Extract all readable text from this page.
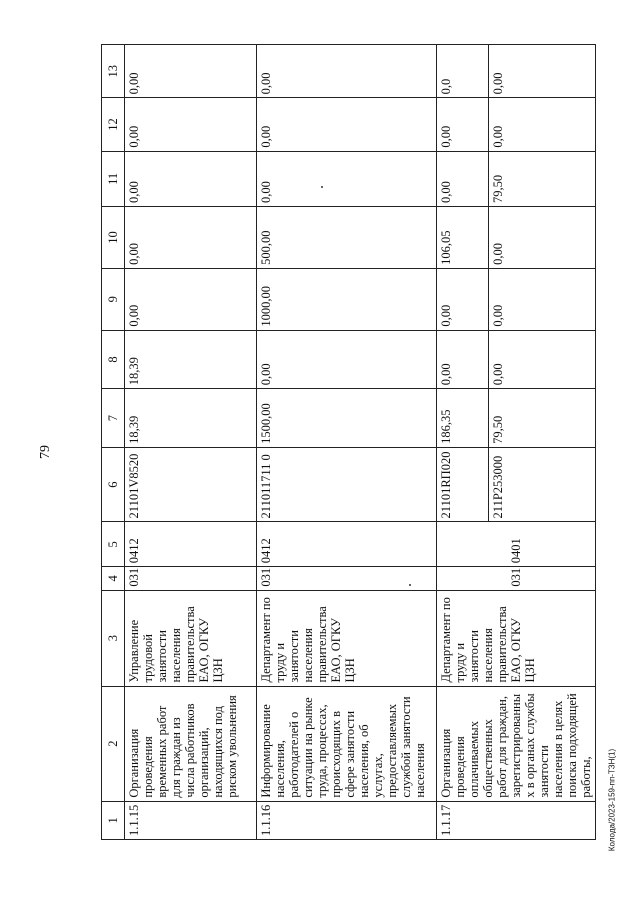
79
Колода/2023-159-пп-ТЗН(1)
1	2	3	4	5	6	7	8	9	10	11	12	13
1.1.15	Организация проведения временных работ для граждан из числа работников организаций, находящихся под риском увольнения	Управление трудовой занятости населения правительства ЕАО, ОГКУ ЦЗН	031	0412	21101V8520	18,39	18,39	0,00	0,00	0,00	0,00	0,00
1.1.16	Информирование населения, работодателей о ситуации на рынке труда, процессах, происходящих в сфере занятости населения, об услугах, предоставляемых службой занятости населения	Департамент по труду и занятости населения правительства ЕАО, ОГКУ ЦЗН	031	0412	211011711 0	1500,00	0,00	1000,00	500,00	0,00	0,00	0,00
1.1.17	Организация проведения оплачиваемых общественных работ для граждан, зарегистрированных в органах службы занятости населения в целях поиска подходящей работы,	Департамент по труду и занятости населения правительства ЕАО, ОГКУ ЦЗН	031	0401	21101RП020	186,35	0,00	0,00	106,05	0,00	0,00	0,0
					211Р253000	79,50	0,00	0,00	0,00	79,50	0,00	0,00
